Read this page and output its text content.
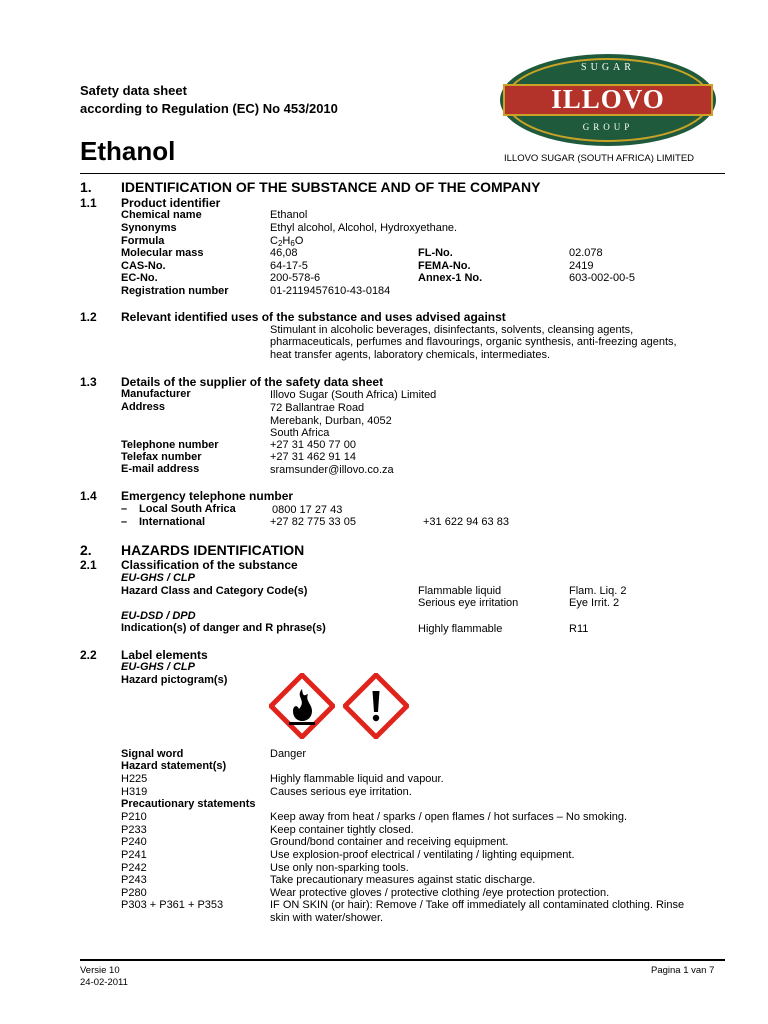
Safety data sheet
according to Regulation (EC) No 453/2010
Ethanol
SUGAR
ILLOVO
GROUP
ILLOVO SUGAR (SOUTH AFRICA) LIMITED
1. IDENTIFICATION OF THE SUBSTANCE AND OF THE COMPANY
1.1 Product identifier
Chemical name	Ethanol
Synonyms	Ethyl alcohol, Alcohol, Hydroxyethane.
Formula	$C_2H_6O$
Molecular mass	46,08
CAS-No.	64-17-5
EC-No.	200-578-6
Registration number	01-2119457610-43-0184
FL-No.	02.078
FEMA-No.	2419
Annex-1 No.	603-002-00-5
1.2 Relevant identified uses of the substance and uses advised against
Stimulant in alcoholic beverages, disinfectants, solvents, cleansing agents,
pharmaceuticals, perfumes and flavourings, organic synthesis, anti-freezing agents,
heat transfer agents, laboratory chemicals, intermediates.
1.3 Details of the supplier of the safety data sheet
Manufacturer	Illovo Sugar (South Africa) Limited
Address	72 Ballantrae Road
Merebank, Durban, 4052
South Africa
Telephone number	+27 31 450 77 00
Telefax number	+27 31 462 91 14
E-mail address	sramsunder@illovo.co.za
1.4 Emergency telephone number
– Local South Africa	0800 17 27 43
– International	+27 82 775 33 05	+31 622 94 63 83
2. HAZARDS IDENTIFICATION
2.1 Classification of the substance
EU-GHS / CLP
Hazard Class and Category Code(s)	Flammable liquid	Flam. Liq. 2
Serious eye irritation	Eye Irrit. 2
EU-DSD / DPD
Indication(s) of danger and R phrase(s)	Highly flammable	R11
2.2 Label elements
EU-GHS / CLP
Hazard pictogram(s)
Signal word	Danger
Hazard statement(s)
H225	Highly flammable liquid and vapour.
H319	Causes serious eye irritation.
Precautionary statements
P210	Keep away from heat / sparks / open flames / hot surfaces – No smoking.
P233	Keep container tightly closed.
P240	Ground/bond container and receiving equipment.
P241	Use explosion-proof electrical / ventilating / lighting equipment.
P242	Use only non-sparking tools.
P243	Take precautionary measures against static discharge.
P280	Wear protective gloves / protective clothing /eye protection protection.
P303 + P361 + P353	IF ON SKIN (or hair): Remove / Take off immediately all contaminated clothing. Rinse
skin with water/shower.
Versie 10
24-02-2011
Pagina 1 van 7
